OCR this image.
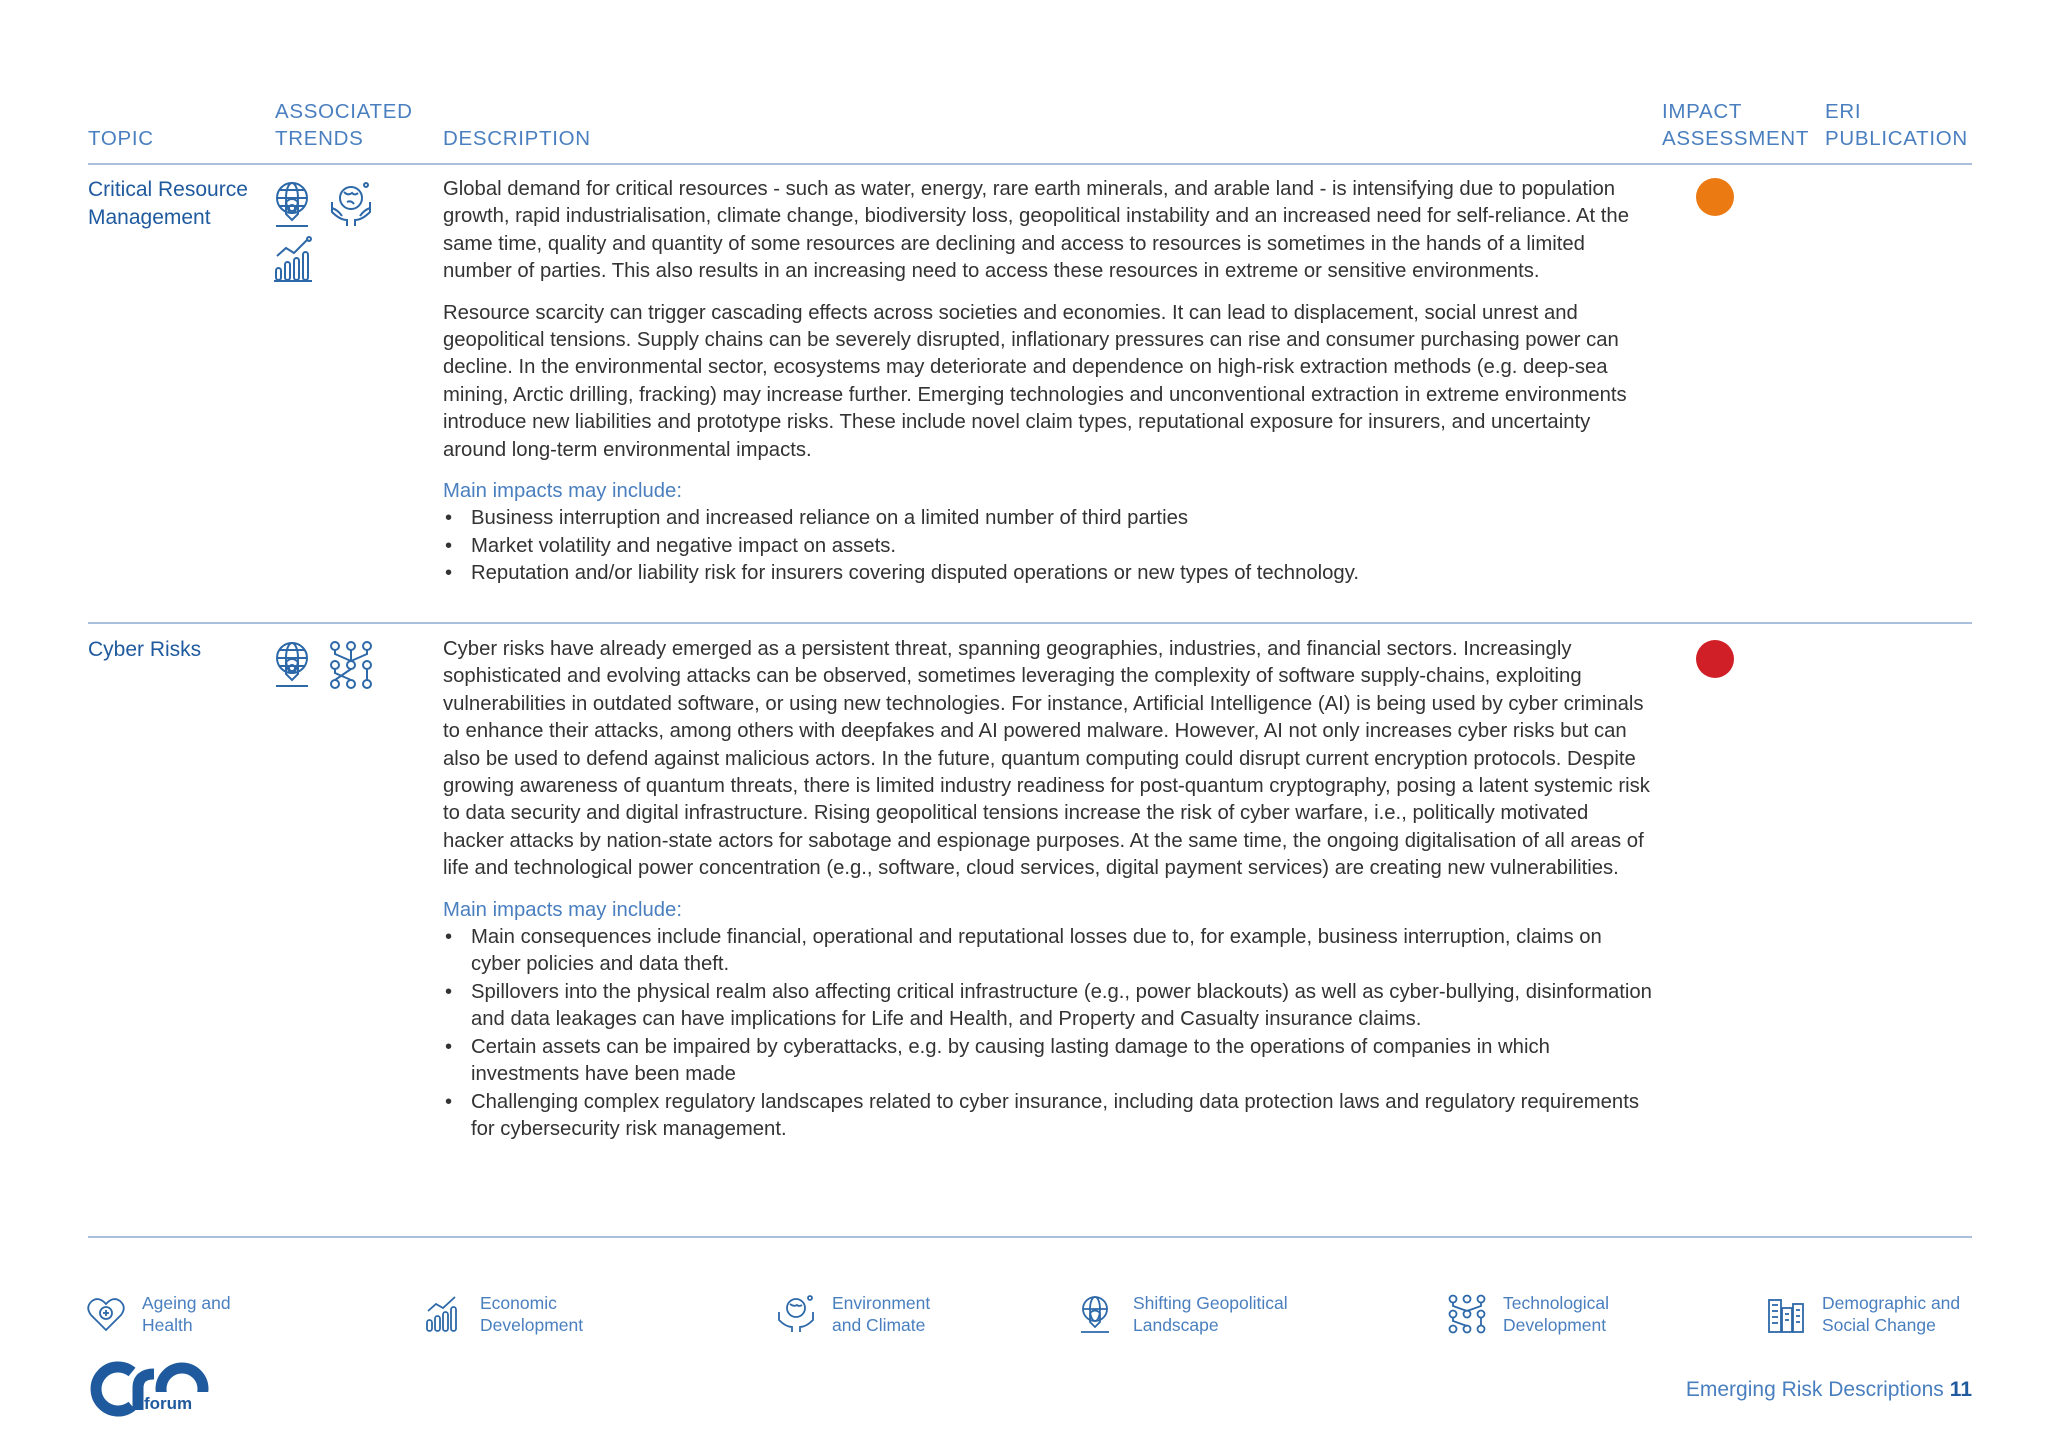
TOPIC
ASSOCIATED
TRENDS	DESCRIPTION
IMPACT
ASSESSMENT
ERI
PUBLICATION
Critical Resource
Management

Global demand for critical resources - such as water, energy, rare earth minerals, and arable land - is intensifying due to population growth, rapid industrialisation, climate change, biodiversity loss, geopolitical instability and an increased need for self-reliance. At the same time, quality and quantity of some resources are declining and access to resources is sometimes in the hands of a limited number of parties. This also results in an increasing need to access these resources in extreme or sensitive environments.

Resource scarcity can trigger cascading effects across societies and economies. It can lead to displacement, social unrest and geopolitical tensions. Supply chains can be severely disrupted, inflationary pressures can rise and consumer purchasing power can decline. In the environmental sector, ecosystems may deteriorate and dependence on high-risk extraction methods (e.g. deep-sea mining, Arctic drilling, fracking) may increase further. Emerging technologies and unconventional extraction in extreme environments introduce new liabilities and prototype risks. These include novel claim types, reputational exposure for insurers, and uncertainty around long-term environmental impacts.

Main impacts may include:

• Business interruption and increased reliance on a limited number of third parties
• Market volatility and negative impact on assets.
• Reputation and/or liability risk for insurers covering disputed operations or new types of technology.
Cyber Risks
	Cyber risks have already emerged as a persistent threat, spanning geographies, industries, and financial sectors. Increasingly sophisticated and evolving attacks can be observed, sometimes leveraging the complexity of software supply-chains, exploiting vulnerabilities in outdated software, or using new technologies. For instance, Artificial Intelligence (AI) is being used by cyber criminals to enhance their attacks, among others with deepfakes and AI powered malware. However, AI not only increases cyber risks but can also be used to defend against malicious actors. In the future, quantum computing could disrupt current encryption protocols. Despite growing awareness of quantum threats, there is limited industry readiness for post-quantum cryptography, posing a latent systemic risk to data security and digital infrastructure. Rising geopolitical tensions increase the risk of cyber warfare, i.e., politically motivated hacker attacks by nation-state actors for sabotage and espionage purposes. At the same time, the ongoing digitalisation of all areas of life and technological power concentration (e.g., software, cloud services, digital payment services) are creating new vulnerabilities.

Main impacts may include:

• Main consequences include financial, operational and reputational losses due to, for example, business interruption, claims on cyber policies and data theft.
• Spillovers into the physical realm also affecting critical infrastructure (e.g., power blackouts) as well as cyber-bullying, disinformation and data leakages can have implications for Life and Health, and Property and Casualty insurance claims.
• Certain assets can be impaired by cyberattacks, e.g. by causing lasting damage to the operations of companies in which investments have been made
• Challenging complex regulatory landscapes related to cyber insurance, including data protection laws and regulatory requirements for cybersecurity risk management.
Ageing and
Health
Economic
Development
Environment
and Climate
Shifting Geopolitical
Landscape
Technological
Development
Demographic and
Social Change
forum
Emerging Risk Descriptions 11
